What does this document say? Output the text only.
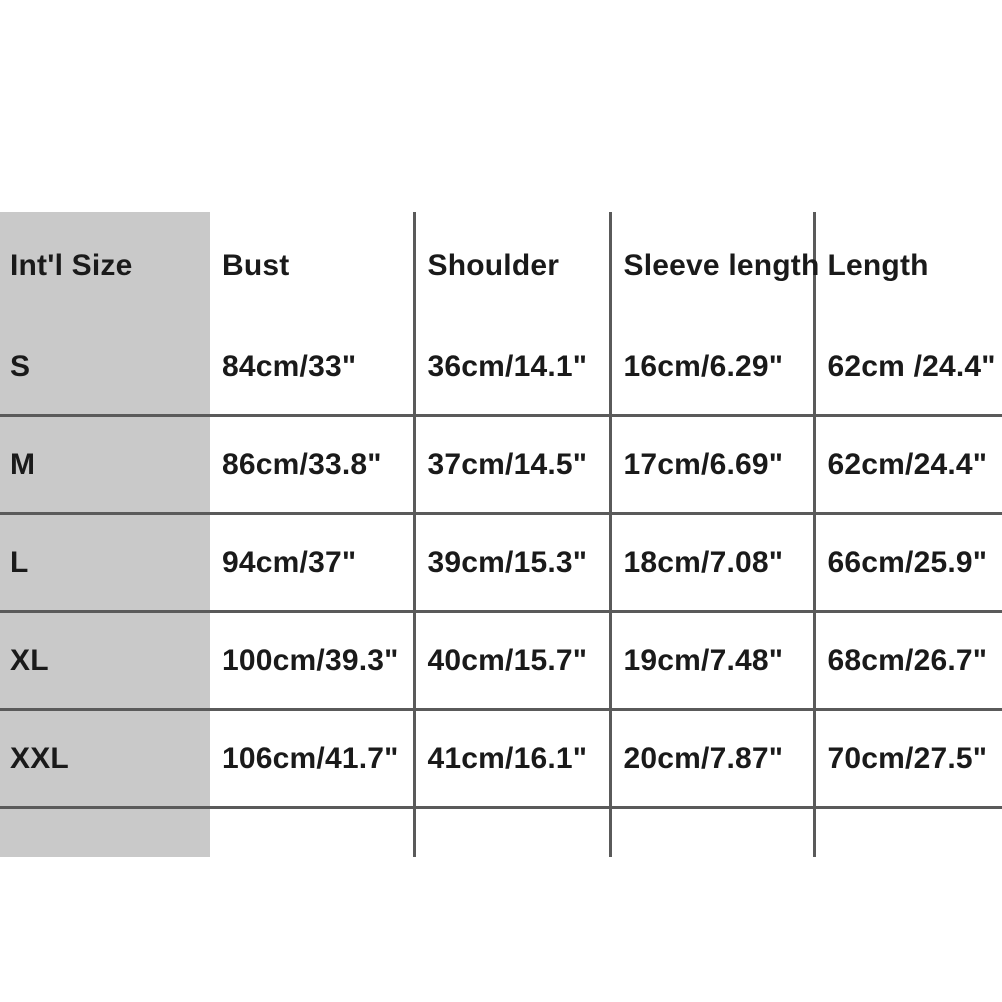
Int'l Size	Bust	Shoulder	Sleeve length	Length
S	84cm/33"	36cm/14.1"	16cm/6.29"	62cm /24.4"
M	86cm/33.8"	37cm/14.5"	17cm/6.69"	62cm/24.4"
L	94cm/37"	39cm/15.3"	18cm/7.08"	66cm/25.9"
XL	100cm/39.3"	40cm/15.7"	19cm/7.48"	68cm/26.7"
XXL	106cm/41.7"	41cm/16.1"	20cm/7.87"	70cm/27.5"
